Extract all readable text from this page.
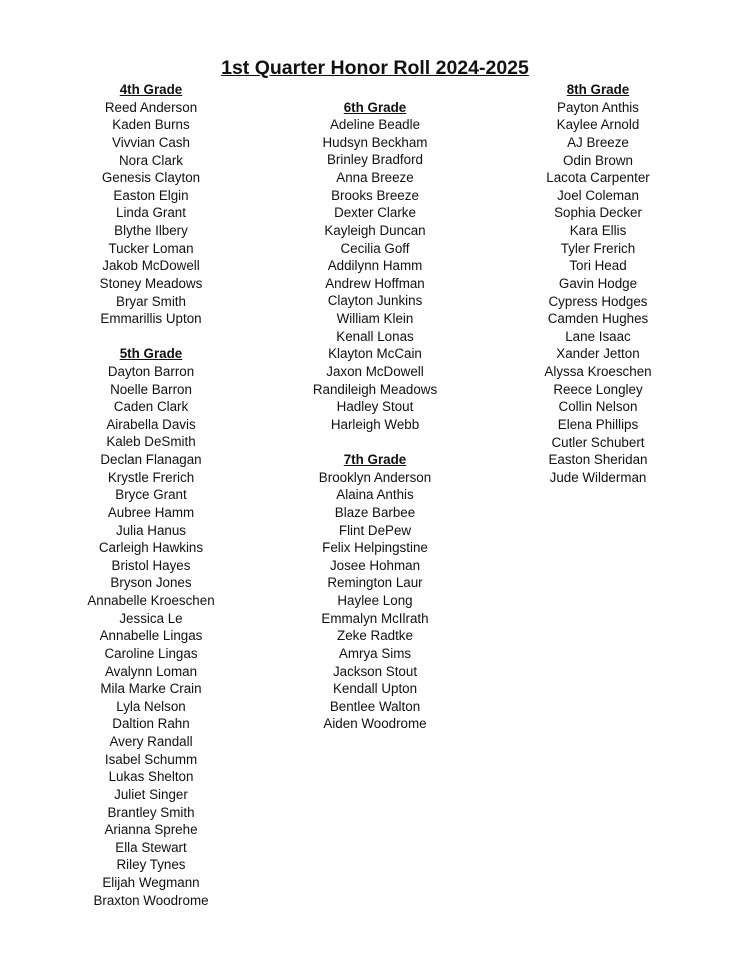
1st Quarter Honor Roll 2024-2025
4th Grade
Reed Anderson
Kaden Burns
Vivvian Cash
Nora Clark
Genesis Clayton
Easton Elgin
Linda Grant
Blythe Ilbery
Tucker Loman
Jakob McDowell
Stoney Meadows
Bryar Smith
Emmarillis Upton
5th Grade
Dayton Barron
Noelle Barron
Caden Clark
Airabella Davis
Kaleb DeSmith
Declan Flanagan
Krystle Frerich
Bryce Grant
Aubree Hamm
Julia Hanus
Carleigh Hawkins
Bristol Hayes
Bryson Jones
Annabelle Kroeschen
Jessica Le
Annabelle Lingas
Caroline Lingas
Avalynn Loman
Mila Marke Crain
Lyla Nelson
Daltion Rahn
Avery Randall
Isabel Schumm
Lukas Shelton
Juliet Singer
Brantley Smith
Arianna Sprehe
Ella Stewart
Riley Tynes
Elijah Wegmann
Braxton Woodrome
6th Grade
Adeline Beadle
Hudsyn Beckham
Brinley Bradford
Anna Breeze
Brooks Breeze
Dexter Clarke
Kayleigh Duncan
Cecilia Goff
Addilynn Hamm
Andrew Hoffman
Clayton Junkins
William Klein
Kenall Lonas
Klayton McCain
Jaxon McDowell
Randileigh Meadows
Hadley Stout
Harleigh Webb
7th Grade
Brooklyn Anderson
Alaina Anthis
Blaze Barbee
Flint DePew
Felix Helpingstine
Josee Hohman
Remington Laur
Haylee Long
Emmalyn McIlrath
Zeke Radtke
Amrya Sims
Jackson Stout
Kendall Upton
Bentlee Walton
Aiden Woodrome
8th Grade
Payton Anthis
Kaylee Arnold
AJ Breeze
Odin Brown
Lacota Carpenter
Joel Coleman
Sophia Decker
Kara Ellis
Tyler Frerich
Tori Head
Gavin Hodge
Cypress Hodges
Camden Hughes
Lane Isaac
Xander Jetton
Alyssa Kroeschen
Reece Longley
Collin Nelson
Elena Phillips
Cutler Schubert
Easton Sheridan
Jude Wilderman
